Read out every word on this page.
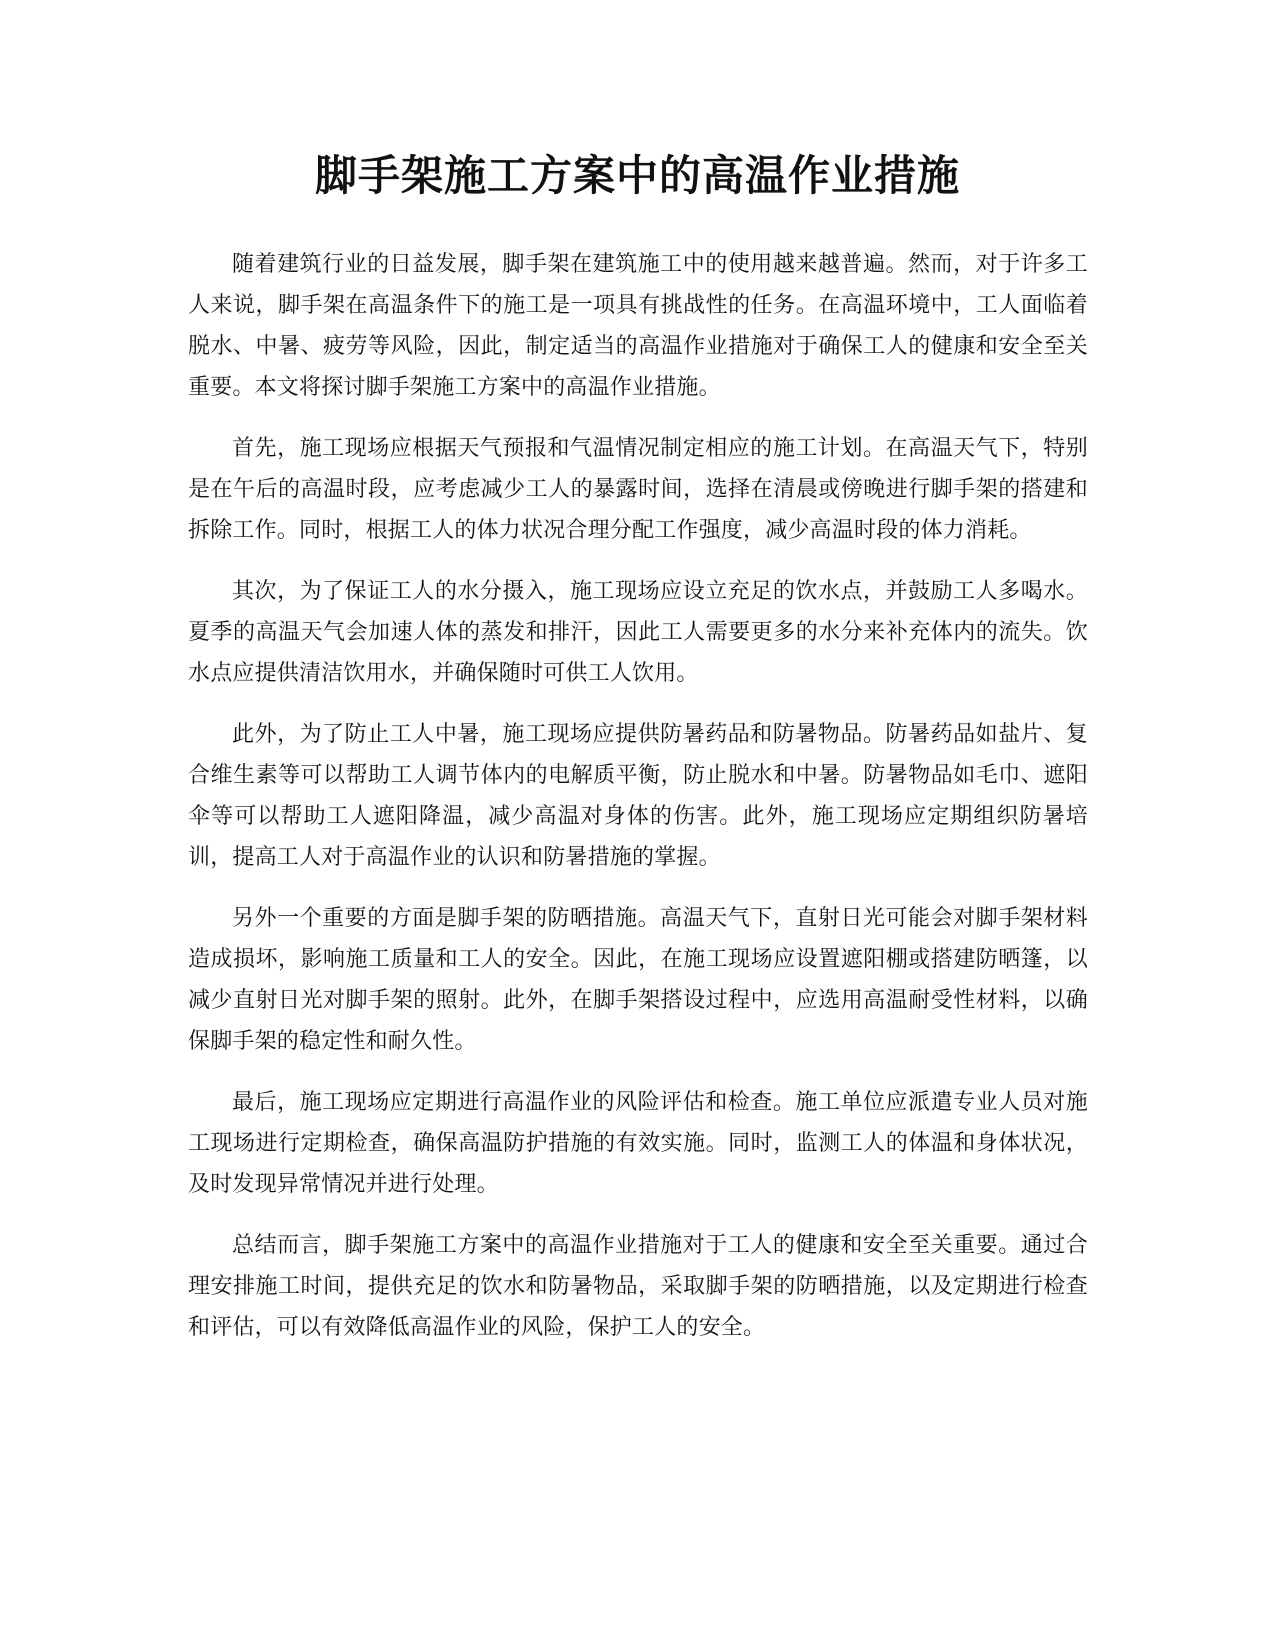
脚手架施工方案中的高温作业措施

随着建筑行业的日益发展，脚手架在建筑施工中的使用越来越普遍。然而，对于许多工人来说，脚手架在高温条件下的施工是一项具有挑战性的任务。在高温环境中，工人面临着脱水、中暑、疲劳等风险，因此，制定适当的高温作业措施对于确保工人的健康和安全至关重要。本文将探讨脚手架施工方案中的高温作业措施。

首先，施工现场应根据天气预报和气温情况制定相应的施工计划。在高温天气下，特别是在午后的高温时段，应考虑减少工人的暴露时间，选择在清晨或傍晚进行脚手架的搭建和拆除工作。同时，根据工人的体力状况合理分配工作强度，减少高温时段的体力消耗。

其次，为了保证工人的水分摄入，施工现场应设立充足的饮水点，并鼓励工人多喝水。夏季的高温天气会加速人体的蒸发和排汗，因此工人需要更多的水分来补充体内的流失。饮水点应提供清洁饮用水，并确保随时可供工人饮用。

此外，为了防止工人中暑，施工现场应提供防暑药品和防暑物品。防暑药品如盐片、复合维生素等可以帮助工人调节体内的电解质平衡，防止脱水和中暑。防暑物品如毛巾、遮阳伞等可以帮助工人遮阳降温，减少高温对身体的伤害。此外，施工现场应定期组织防暑培训，提高工人对于高温作业的认识和防暑措施的掌握。

另外一个重要的方面是脚手架的防晒措施。高温天气下，直射日光可能会对脚手架材料造成损坏，影响施工质量和工人的安全。因此，在施工现场应设置遮阳棚或搭建防晒篷，以减少直射日光对脚手架的照射。此外，在脚手架搭设过程中，应选用高温耐受性材料，以确保脚手架的稳定性和耐久性。

最后，施工现场应定期进行高温作业的风险评估和检查。施工单位应派遣专业人员对施工现场进行定期检查，确保高温防护措施的有效实施。同时，监测工人的体温和身体状况，及时发现异常情况并进行处理。

总结而言，脚手架施工方案中的高温作业措施对于工人的健康和安全至关重要。通过合理安排施工时间，提供充足的饮水和防暑物品，采取脚手架的防晒措施，以及定期进行检查和评估，可以有效降低高温作业的风险，保护工人的安全。
